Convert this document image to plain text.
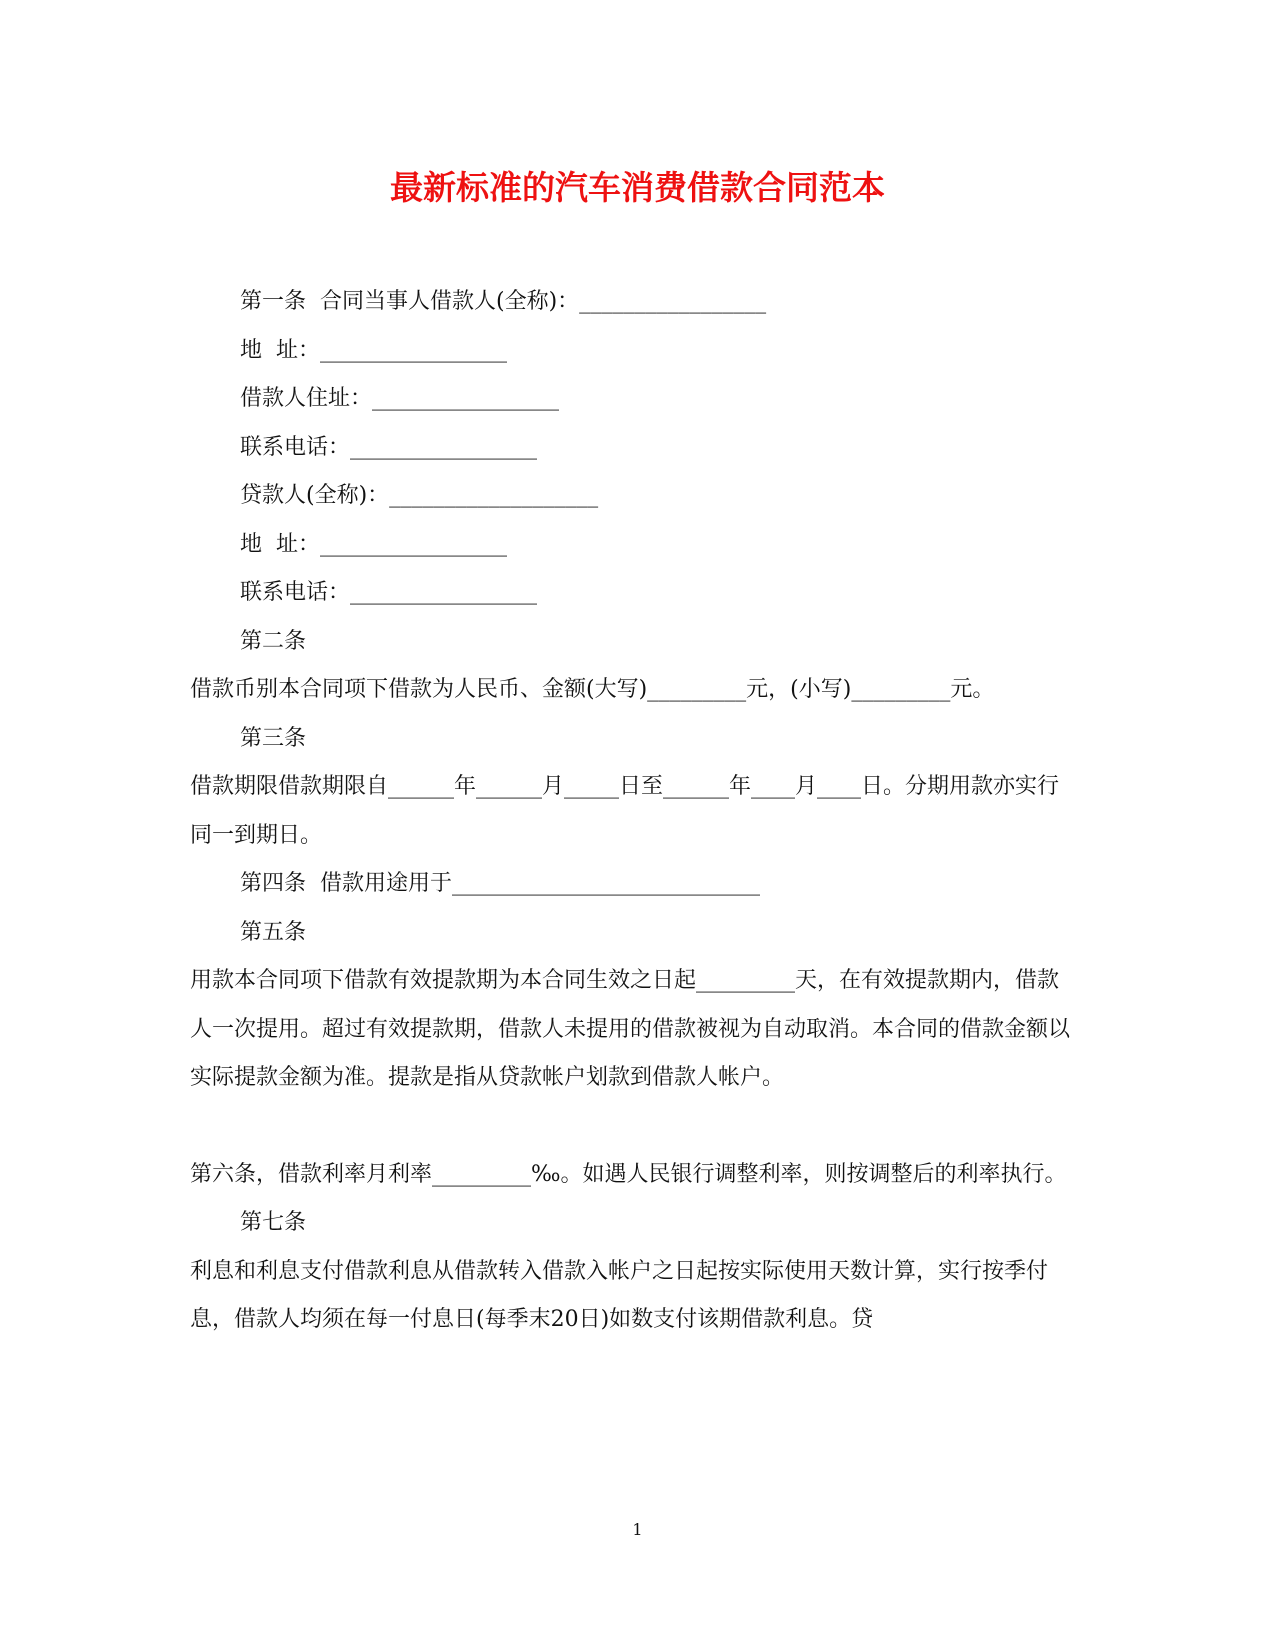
最新标准的汽车消费借款合同范本

第一条  合同当事人借款人(全称)：_________________

地  址：_________________

借款人住址：_________________

联系电话：_________________

贷款人(全称)：___________________

地  址：_________________

联系电话：_________________

第二条

借款币别本合同项下借款为人民币、金额(大写)_________元，(小写)_________元。

第三条

借款期限借款期限自______年______月_____日至______年____月____日。分期用款亦实行同一到期日。

第四条  借款用途用于____________________________

第五条

用款本合同项下借款有效提款期为本合同生效之日起_________天，在有效提款期内，借款人一次提用。超过有效提款期，借款人未提用的借款被视为自动取消。本合同的借款金额以实际提款金额为准。提款是指从贷款帐户划款到借款人帐户。

第六条，借款利率月利率_________‰。如遇人民银行调整利率，则按调整后的利率执行。

第七条

利息和利息支付借款利息从借款转入借款入帐户之日起按实际使用天数计算，实行按季付息，借款人均须在每一付息日(每季末20日)如数支付该期借款利息。贷

1
